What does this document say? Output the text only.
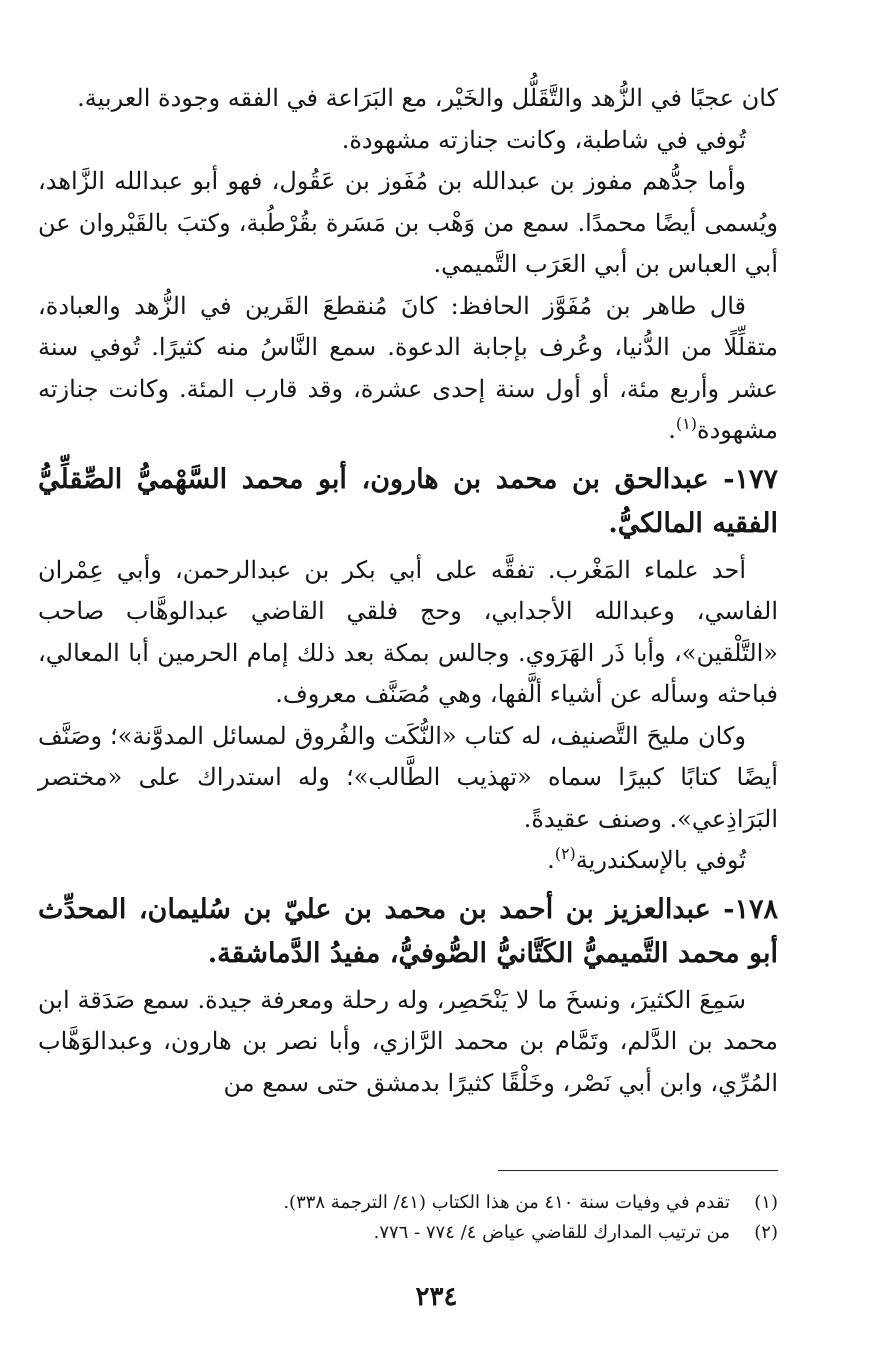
كان عجبًا في الزُّهد والتَّقَلُّل والخَيْر، مع البَرَاعة في الفقه وجودة العربية.

تُوفي في شاطبة، وكانت جنازته مشهودة.

وأما جدُّهم مفوز بن عبدالله بن مُفَوز بن عَقُول، فهو أبو عبدالله الزَّاهد، ويُسمى أيضًا محمدًا. سمع من وَهْب بن مَسَرة بقُرْطُبة، وكتبَ بالقَيْروان عن أبي العباس بن أبي العَرَب التَّميمي.

قال طاهر بن مُفَوَّز الحافظ: كانَ مُنقطعَ القَرين في الزُّهد والعبادة، متقلِّلًا من الدُّنيا، وعُرف بإجابة الدعوة. سمع النَّاسُ منه كثيرًا. تُوفي سنة عشر وأربع مئة، أو أول سنة إحدى عشرة، وقد قارب المئة. وكانت جنازته مشهودة$^{(١)}$.

١٧٧- عبدالحق بن محمد بن هارون، أبو محمد السَّهْميُّ الصِّقلِّيُّ الفقيه المالكيُّ.

أحد علماء المَغْرب. تفقَّه على أبي بكر بن عبدالرحمن، وأبي عِمْران الفاسي، وعبدالله الأجدابي، وحج فلقي القاضي عبدالوهَّاب صاحب «التَّلْقين»، وأبا ذَر الهَرَوي. وجالس بمكة بعد ذلك إمام الحرمين أبا المعالي، فباحثه وسأله عن أشياء ألَّفها، وهي مُصَنَّف معروف.

وكان مليحَ التَّصنيف، له كتاب «النُّكَت والفُروق لمسائل المدوَّنة»؛ وصَنَّف أيضًا كتابًا كبيرًا سماه «تهذيب الطَّالب»؛ وله استدراك على «مختصر البَرَاذِعي». وصنف عقيدةً.

تُوفي بالإسكندرية$^{(٢)}$.

١٧٨- عبدالعزيز بن أحمد بن محمد بن عليّ بن سُليمان، المحدِّث أبو محمد التَّميميُّ الكَتَّانيُّ الصُّوفيُّ، مفيدُ الدَّماشقة.

سَمِعَ الكثيرَ، ونسخَ ما لا يَنْحَصِر، وله رحلة ومعرفة جيدة. سمع صَدَقة ابن محمد بن الدَّلم، وتَمَّام بن محمد الرَّازي، وأبا نصر بن هارون، وعبدالوَهَّاب المُرِّي، وابن أبي نَصْر، وخَلْقًا كثيرًا بدمشق حتى سمع من

(١)
تقدم في وفيات سنة ٤١٠ من هذا الكتاب (٤١/ الترجمة ٣٣٨).
(٢)
من ترتيب المدارك للقاضي عياض ٤/ ٧٧٤ - ٧٧٦.
٢٣٤
